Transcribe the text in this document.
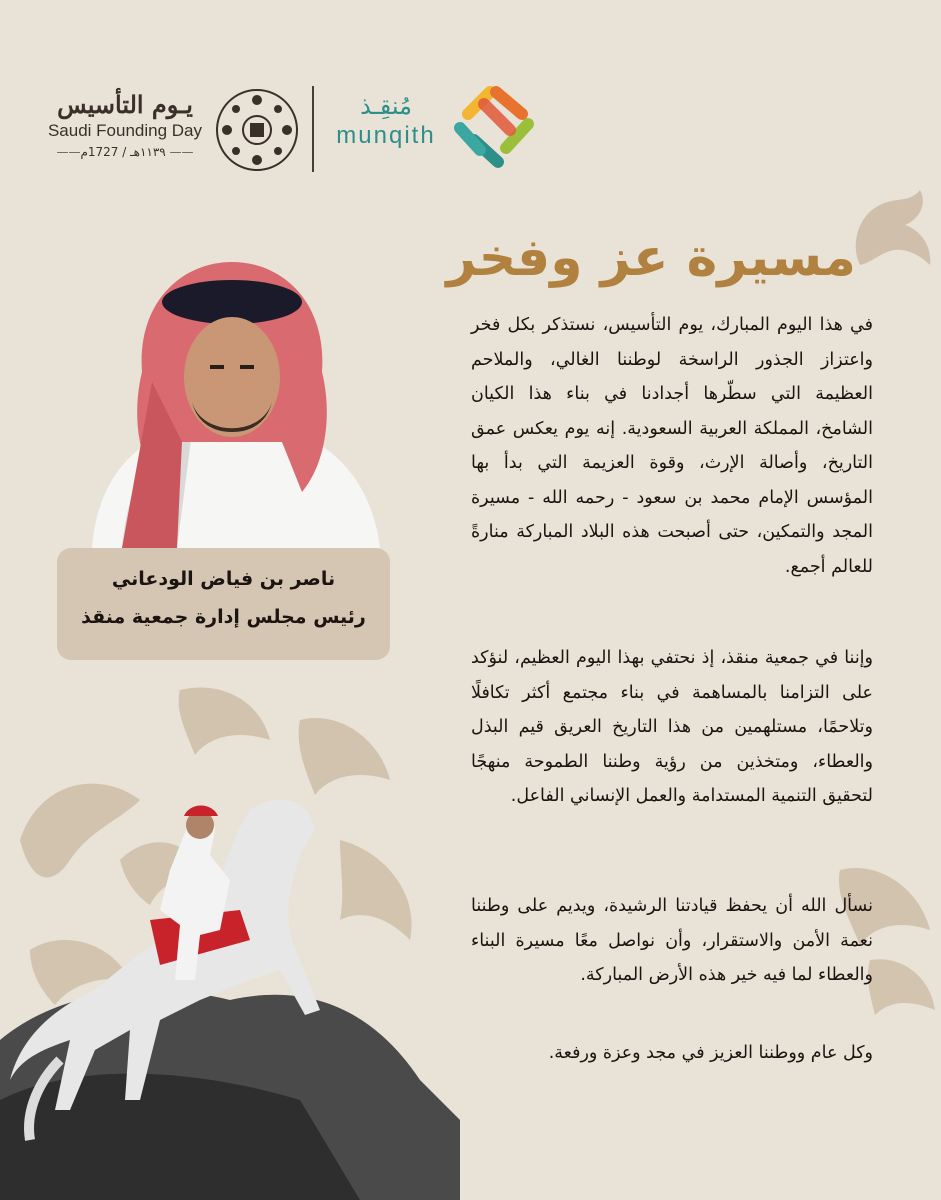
يـوم التأسيس
Saudi Founding Day
—— ١١٣٩هـ / 1727م ——
مُنقِـذ
munqith
مسيرة عز وفخر
في هذا اليوم المبارك، يوم التأسيس، نستذكر بكل فخر واعتزاز الجذور الراسخة لوطننا الغالي، والملاحم العظيمة التي سطّرها أجدادنا في بناء هذا الكيان الشامخ، المملكة العربية السعودية. إنه يوم يعكس عمق التاريخ، وأصالة الإرث، وقوة العزيمة التي بدأ بها المؤسس الإمام محمد بن سعود - رحمه الله - مسيرة المجد والتمكين، حتى أصبحت هذه البلاد المباركة منارةً للعالم أجمع.
وإننا في جمعية منقذ، إذ نحتفي بهذا اليوم العظيم، لنؤكد على التزامنا بالمساهمة في بناء مجتمع أكثر تكافلًا وتلاحمًا، مستلهمين من هذا التاريخ العريق قيم البذل والعطاء، ومتخذين من رؤية وطننا الطموحة منهجًا لتحقيق التنمية المستدامة والعمل الإنساني الفاعل.
نسأل الله أن يحفظ قيادتنا الرشيدة، ويديم على وطننا نعمة الأمن والاستقرار، وأن نواصل معًا مسيرة البناء والعطاء لما فيه خير هذه الأرض المباركة.
وكل عام ووطننا العزيز في مجد وعزة ورفعة.
ناصر بن فياض الودعاني
رئيس مجلس إدارة جمعية منقذ
